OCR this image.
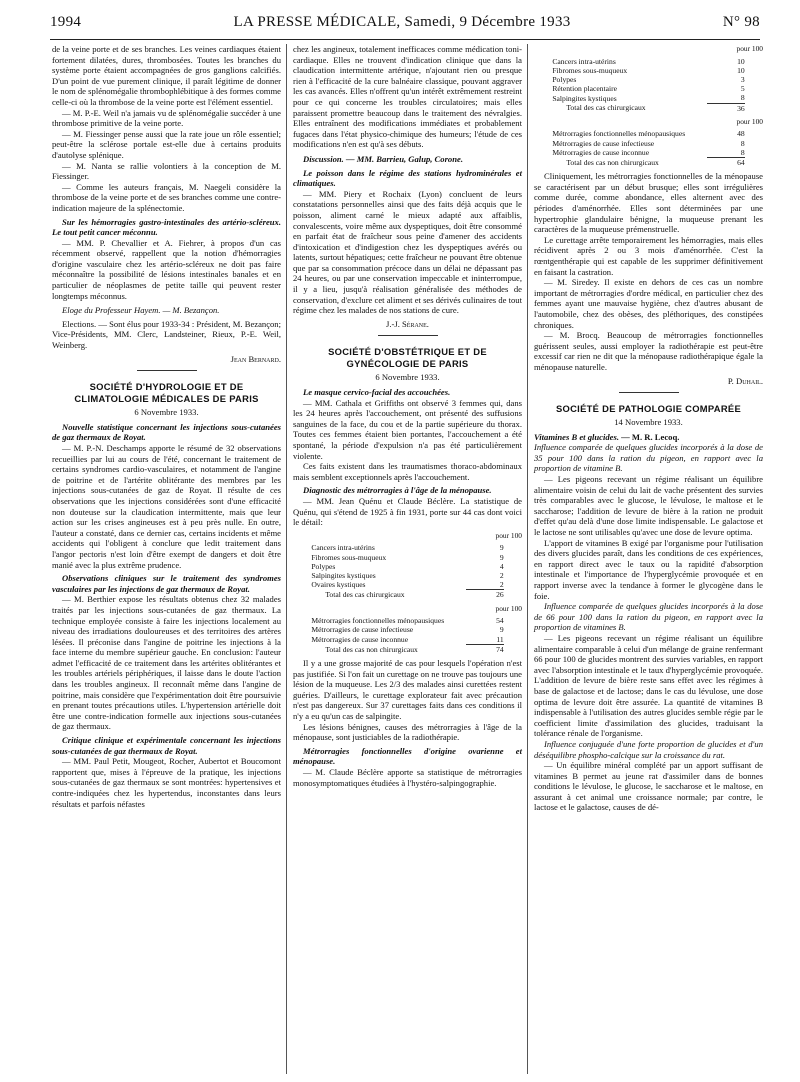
1994	LA PRESSE MÉDICALE, Samedi, 9 Décembre 1933	N° 98

de la veine porte et de ses branches. Les veines cardiaques étaient fortement dilatées, dures, thrombosées. Toutes les branches du système porte étaient accompagnées de gros ganglions calcifiés. D'un point de vue purement clinique, il paraît légitime de donner le nom de splénomégalie thrombophlébitique à des formes comme celle-ci où la thrombose de la veine porte est l'élément essentiel.

— M. P.-E. Weil n'a jamais vu de splénomégalie succéder à une thrombose primitive de la veine porte.

— M. Fiessinger pense aussi que la rate joue un rôle essentiel; peut-être la sclérose portale est-elle due à certains produits d'autolyse splénique.

— M. Nanta se rallie volontiers à la conception de M. Fiessinger.

— Comme les auteurs français, M. Naegeli considère la thrombose de la veine porte et de ses branches comme une contre-indication majeure de la splénectomie.

Sur les hémorragies gastro-intestinales des artério-scléreux. Le tout petit cancer méconnu.

— MM. P. Chevallier et A. Fiehrer, à propos d'un cas récemment observé, rappellent que la notion d'hémorragies d'origine vasculaire chez les artério-scléreux ne doit pas faire méconnaître la possibilité de lésions intestinales banales et en particulier de néoplasmes de petite taille qui peuvent rester longtemps méconnus.

Eloge du Professeur Hayem. — M. Bezançon.

Elections. — Sont élus pour 1933-34 : Président, M. Bezançon; Vice-Présidents, MM. Clerc, Landsteiner, Rieux, P.-E. Weil, Weinberg.

Jean Bernard.
SOCIÉTÉ D'HYDROLOGIE ET DE CLIMATOLOGIE MÉDICALES DE PARIS
6 Novembre 1933.

Nouvelle statistique concernant les injections sous-cutanées de gaz thermaux de Royat.

— M. P.-N. Deschamps apporte le résumé de 32 observations recueillies par lui au cours de l'été, concernant le traitement de certains syndromes cardio-vasculaires, et notamment de l'angine de poitrine et de l'artérite oblitérante des membres par les injections sous-cutanées de gaz de Royat. Il résulte de ces observations que les injections considérées sont d'une efficacité non douteuse sur la claudication intermittente, mais que leur action sur les crises angineuses est à peu près nulle. En outre, l'auteur a constaté, dans ce dernier cas, certains incidents et même accidents qui l'obligent à conclure que ledit traitement dans l'angor pectoris n'est loin d'être exempt de dangers et doit être manié avec la plus extrême prudence.

Observations cliniques sur le traitement des syndromes vasculaires par les injections de gaz thermaux de Royat.

— M. Berthier expose les résultats obtenus chez 32 malades traités par les injections sous-cutanées de gaz thermaux. La technique employée consiste à faire les injections localement au niveau des irradiations douloureuses et des territoires des artères lésées. Il préconise dans l'angine de poitrine les injections à la face interne du membre supérieur gauche. En conclusion: l'auteur admet l'efficacité de ce traitement dans les artérites oblitérantes et les troubles artériels périphériques, il laisse dans le doute l'action dans les troubles angineux. Il reconnaît même dans l'angine de poitrine, mais considère que l'expérimentation doit être poursuivie en prenant toutes précautions utiles. L'hypertension artérielle doit être une contre-indication formelle aux injections sous-cutanées de gaz thermaux.

Critique clinique et expérimentale concernant les injections sous-cutanées de gaz thermaux de Royat.

— MM. Paul Petit, Mougeot, Rocher, Aubertot et Boucomont rapportent que, mises à l'épreuve de la pratique, les injections sous-cutanées de gaz thermaux se sont montrées: hypertensives et contre-indiquées chez les hypertendus, inconstantes dans leurs résultats et parfois néfastes

chez les angineux, totalement inefficaces comme médication toni-cardiaque. Elles ne trouvent d'indication clinique que dans la claudication intermittente artérique, n'ajoutant rien ou presque rien à l'efficacité de la cure balnéaire classique, pouvant aggraver les cas avancés. Elles n'offrent qu'un intérêt extrêmement restreint pour ce qui concerne les troubles circulatoires; mais elles paraissent promettre beaucoup dans le traitement des névralgies. Elles entraînent des modifications immédiates et probablement fugaces dans l'état physico-chimique des humeurs; l'étude de ces modifications n'en est qu'à ses débuts.

Discussion. — MM. Barrieu, Galup, Corone.

Le poisson dans le régime des stations hydrominérales et climatiques.

— MM. Piery et Rochaix (Lyon) concluent de leurs constatations personnelles ainsi que des faits déjà acquis que le poisson, aliment carné le mieux adapté aux affaiblis, convalescents, voire même aux dyspeptiques, doit être consommé en parfait état de fraîcheur sous peine d'amener des accidents d'intoxication et d'indigestion chez les dyspeptiques avérés ou latents, surtout hépatiques; cette fraîcheur ne pouvant être obtenue que par sa consommation précoce dans un délai ne dépassant pas 24 heures, ou par une conservation impeccable et ininterrompue, il y a lieu, jusqu'à réalisation généralisée des méthodes de conservation, d'exclure cet aliment et ses dérivés culinaires de tout régime chez les malades de nos stations de cure.

J.-J. Sérane.
SOCIÉTÉ D'OBSTÉTRIQUE ET DE GYNÉCOLOGIE DE PARIS
6 Novembre 1933.

Le masque cervico-facial des accouchées.

— MM. Cathala et Griffiths ont observé 3 femmes qui, dans les 24 heures après l'accouchement, ont présenté des suffusions sanguines de la face, du cou et de la partie supérieure du thorax. Toutes ces femmes étaient bien portantes, l'accouchement a été spontané, la période d'expulsion n'a pas été particulièrement violente.

Ces faits existent dans les traumatismes thoraco-abdominaux mais semblent exceptionnels après l'accouchement.

Diagnostic des métrorragies à l'âge de la ménopause.

— MM. Jean Quénu et Claude Béclère. La statistique de Quénu, qui s'étend de 1925 à fin 1931, porte sur 44 cas dont voici le détail:

pour 100
Cancers intra-utérins	9
Fibromes sous-muqueux	9
Polypes	4
Salpingites kystiques	2
Ovaires kystiques	2
Total des cas chirurgicaux	26
pour 100
Métrorragies fonctionnelles ménopausiques	54
Métrorragies de cause infectieuse	9
Métrorragies de cause inconnue	11
Total des cas non chirurgicaux	74

Il y a une grosse majorité de cas pour lesquels l'opération n'est pas justifiée. Si l'on fait un curettage on ne trouve pas toujours une lésion de la muqueuse. Les 2/3 des malades ainsi curettées restent guéries. D'ailleurs, le curettage explorateur fait avec précaution n'est pas dangereux. Sur 37 curettages faits dans ces conditions il n'y a eu qu'un cas de salpingite.

Les lésions bénignes, causes des métrorragies à l'âge de la ménopause, sont justiciables de la radiothérapie.

Métrorragies fonctionnelles d'origine ovarienne et ménopause.

— M. Claude Béclère apporte sa statistique de métrorragies monosymptomatiques étudiées à l'hystéro-salpingographie.

pour 100
Cancers intra-utérins	10
Fibromes sous-muqueux	10
Polypes	3
Rétention placentaire	5
Salpingites kystiques	8
Total des cas chirurgicaux	36
pour 100
Métrorragies fonctionnelles ménopausiques	48
Métrorragies de cause infectieuse	8
Métrorragies de cause inconnue	8
Total des cas non chirurgicaux	64

Cliniquement, les métrorragies fonctionnelles de la ménopause se caractérisent par un début brusque; elles sont irrégulières comme durée, comme abondance, elles alternent avec des périodes d'aménorrhée. Elles sont déterminées par une hypertrophie glandulaire bénigne, la muqueuse prenant les caractères de la muqueuse prémenstruelle.

Le curettage arrête temporairement les hémorragies, mais elles récidivent après 2 ou 3 mois d'aménorrhée. C'est la rœntgenthérapie qui est capable de les supprimer définitivement en faisant la castration.

— M. Siredey. Il existe en dehors de ces cas un nombre important de métrorragies d'ordre médical, en particulier chez des femmes ayant une mauvaise hygiène, chez d'autres abusant de l'automobile, chez des obèses, des pléthoriques, des constipées chroniques.

— M. Brocq. Beaucoup de métrorragies fonctionnelles guérissent seules, aussi employer la radiothérapie est peut-être excessif car rien ne dit que la ménopause radiothérapique égale la ménopause naturelle.

P. Duhail.
SOCIÉTÉ DE PATHOLOGIE COMPARÉE
14 Novembre 1933.

Vitamines B et glucides. — M. R. Lecoq.

Influence comparée de quelques glucides incorporés à la dose de 35 pour 100 dans la ration du pigeon, en rapport avec la proportion de vitamine B.

— Les pigeons recevant un régime réalisant un équilibre alimentaire voisin de celui du lait de vache présentent des survies très comparables avec le glucose, le lévulose, le maltose et le saccharose; l'addition de levure de bière à la ration ne produit d'effet qu'au delà d'une dose limite indispensable. Le galactose et le lactose ne sont utilisables qu'avec une dose de levure optima.

L'apport de vitamines B exigé par l'organisme pour l'utilisation des divers glucides paraît, dans les conditions de ces expériences, en rapport direct avec le taux ou la rapidité d'absorption intestinale et l'importance de l'hyperglycémie provoquée et en rapport inverse avec la tendance à former le glycogène dans le foie.

Influence comparée de quelques glucides incorporés à la dose de 66 pour 100 dans la ration du pigeon, en rapport avec la proportion de vitamines B.

— Les pigeons recevant un régime réalisant un équilibre alimentaire comparable à celui d'un mélange de graine renfermant 66 pour 100 de glucides montrent des survies variables, en rapport avec l'absorption intestinale et le taux d'hyperglycémie provoquée. L'addition de levure de bière reste sans effet avec les régimes à base de galactose et de lactose; dans le cas du lévulose, une dose optima de levure doit être assurée. La quantité de vitamines B indispensable à l'utilisation des autres glucides semble régie par le coefficient limite d'assimilation des glucides, traduisant la tolérance rénale de l'organisme.

Influence conjuguée d'une forte proportion de glucides et d'un déséquilibre phospho-calcique sur la croissance du rat.

— Un équilibre minéral complété par un apport suffisant de vitamines B permet au jeune rat d'assimiler dans de bonnes conditions le lévulose, le glucose, le saccharose et le maltose, en assurant à cet animal une croissance normale; par contre, le lactose et le galactose, causes de dé-
